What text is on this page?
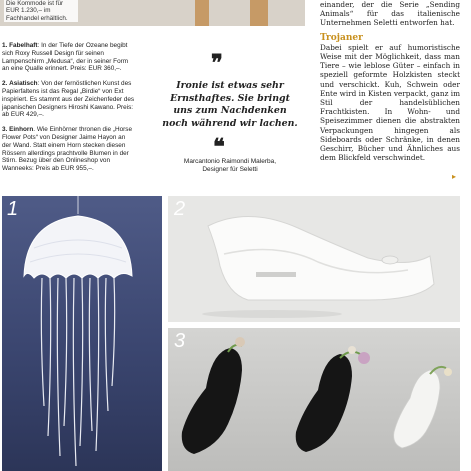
Die Kommode ist für EUR 1.230,– im Fachhandel erhältlich.

1. Fabelhaft: In der Tiefe der Ozeane begibt sich Roxy Russell Design für seinen Lampenschirm „Medusa“, der in seiner Form an eine Qualle erinnert. Preis: EUR 360,–.

2. Asiatisch: Von der fernöstlichen Kunst des Papierfaltens ist das Regal „Birdie“ von Ext inspiriert. Es stammt aus der Zeichenfeder des japanischen Designers Hiroshi Kawano. Preis: ab EUR 429,–.

3. Einhorn. Wie Einhörner thronen die „Horse Flower Pots“ von Designer Jaime Hayon an der Wand. Statt einem Horn stecken diesen Rössern allerdings prachtvolle Blumen in der Stirn. Bezug über den Onlineshop von Wanneeks: Preis ab EUR 955,–.

❞
Ironie ist etwas sehr Ernsthaftes. Sie bringt uns zum Nachdenken noch während wir lachen.
❝
Marcantonio Raimondi Malerba,
Designer für Seletti

einander, der die Serie „Sending Animals“ für das italienische Unternehmen Seletti entworfen hat.

Trojaner

Dabei spielt er auf humoristische Weise mit der Möglichkeit, dass man Tiere – wie leblose Güter – einfach in speziell geformte Holzkisten steckt und verschickt. Kuh, Schwein oder Ente wird in Kisten verpackt, ganz im Stil der handelsüblichen Frachtkisten. In Wohn- und Speisezimmer dienen die abstrakten Verpackungen hingegen als Sideboards oder Schränke, in denen Geschirr, Bücher und Ähnliches aus dem Blickfeld verschwindet.

▸
1	2
3
